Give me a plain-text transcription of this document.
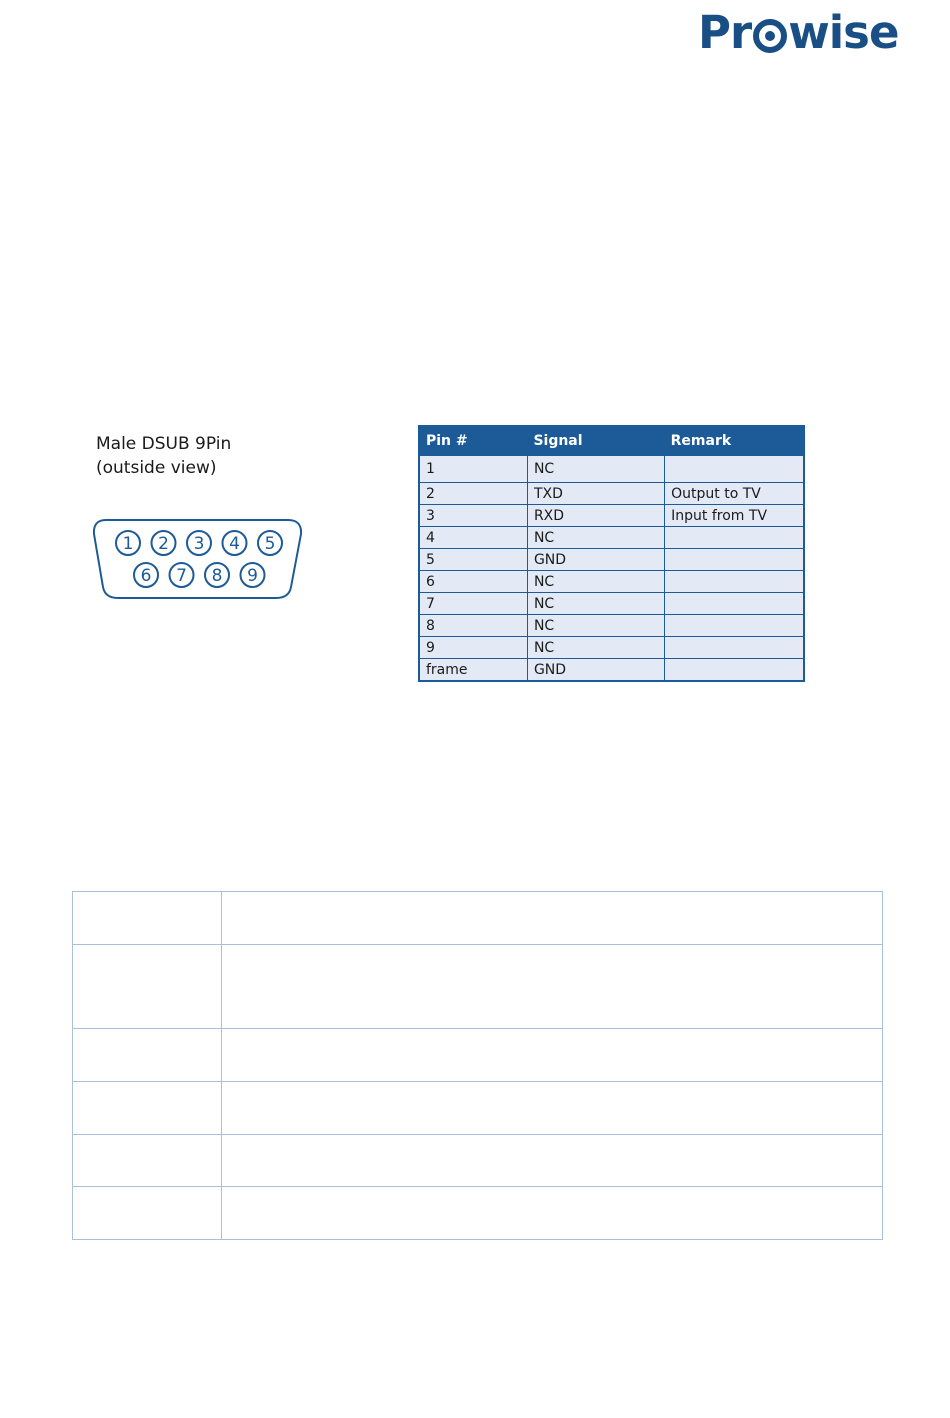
Pr wise
Male DSUB 9Pin
(outside view)
1 2 3 4 5
6 7 8 9
Pin #	Signal	Remark
1	NC	
2	TXD	Output to TV
3	RXD	Input from TV
4	NC	
5	GND	
6	NC	
7	NC	
8	NC	
9	NC	
frame	GND	
